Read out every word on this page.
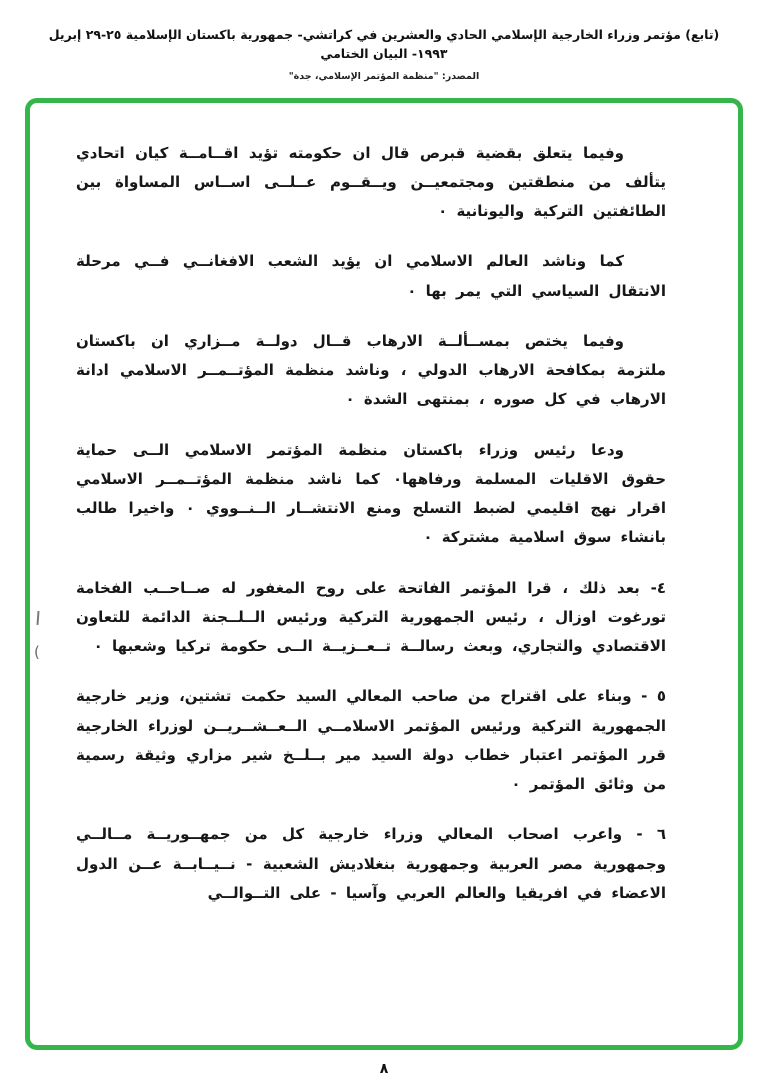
(تابع) مؤتمر وزراء الخارجية الإسلامي الحادي والعشرين في كراتشي- جمهورية باكستان الإسلامية ٢٥-٢٩ إبريل ١٩٩٣- البيان الختامي
المصدر: "منظمة المؤتمر الإسلامي، جدة"
(

وفيما يتعلق بقضية قبرص قال ان حكومته تؤيد اقــامــة كيان اتحادي يتألف من منطقتين ومجتمعيــن ويــقــوم عــلــى اســاس المساواة بين الطائفتين التركية واليونانية ٠

كما وناشد العالم الاسلامي ان يؤيد الشعب الافغانــي فــي مرحلة الانتقال السياسي التي يمر بها ٠

وفيما يختص بمســألــة الارهاب قــال دولــة مــزاري ان باكستان ملتزمة بمكافحة الارهاب الدولي ، وناشد منظمة المؤتــمــر الاسلامي ادانة الارهاب في كل صوره ، بمنتهى الشدة ٠

ودعا رئيس وزراء باكستان منظمة المؤتمر الاسلامي الــى حماية حقوق الاقليات المسلمة ورفاهها٠ كما ناشد منظمة المؤتــمــر الاسلامي اقرار نهج اقليمي لضبط التسلح ومنع الانتشــار الــنــووي ٠ واخيرا طالب بانشاء سوق اسلامية مشتركة ٠

٤- بعد ذلك ، قرا المؤتمر الفاتحة على روح المغفور له صــاحــب الفخامة تورغوت اوزال ، رئيس الجمهورية التركية ورئيس الــلــجنة الدائمة للتعاون الاقتصادي والتجاري، وبعث رسالــة تــعــزيــة الــى حكومة تركيا وشعبها ٠

٥ - وبناء على اقتراح من صاحب المعالي السيد حكمت تشتين، وزير خارجية الجمهورية التركية ورئيس المؤتمر الاسلامــي الــعــشــريــن لوزراء الخارجية قرر المؤتمر اعتبار خطاب دولة السيد مير بــلــخ شير مزاري وثيقة رسمية من وثائق المؤتمر ٠

٦ - واعرب اصحاب المعالي وزراء خارجية كل من جمهــوريــة مــالــي وجمهورية مصر العربية وجمهورية بنغلاديش الشعبية - نــيــابــة عــن الدول الاعضاء في افريقيا والعالم العربي وآسيا - على التــوالــي

٨
